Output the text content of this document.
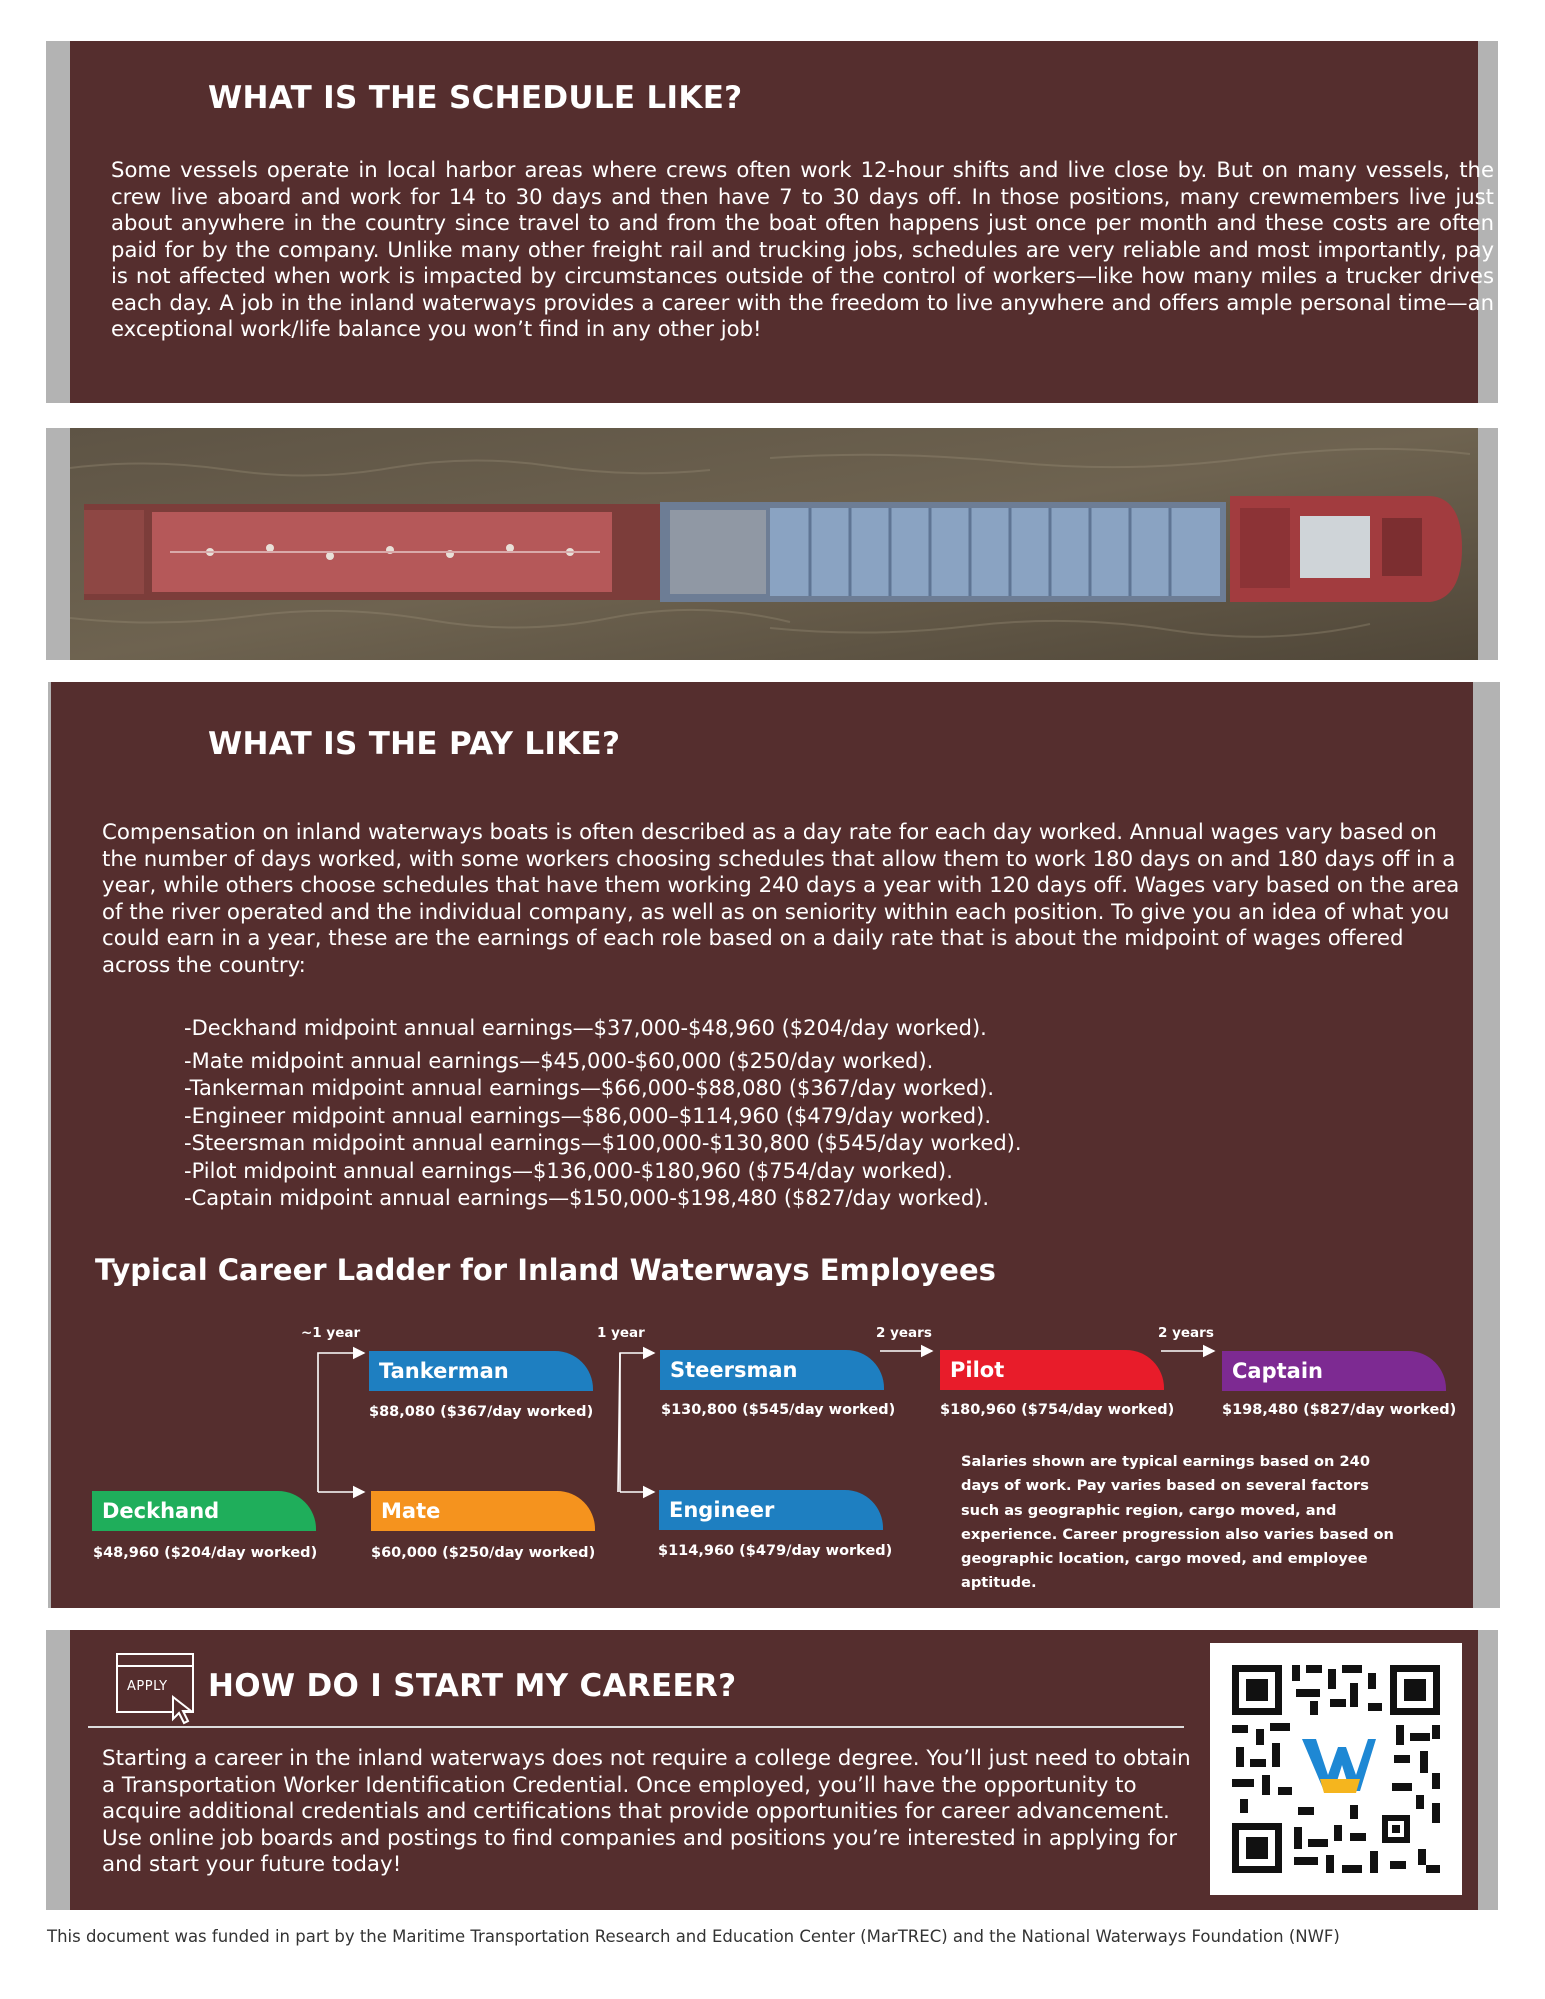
WHAT IS THE SCHEDULE LIKE?

Some vessels operate in local harbor areas where crews often work 12-hour shifts and live close by. But on many vessels, the crew live aboard and work for 14 to 30 days and then have 7 to 30 days off. In those positions, many crewmembers live just about anywhere in the country since travel to and from the boat often happens just once per month and these costs are often paid for by the company. Unlike many other freight rail and trucking jobs, schedules are very reliable and most importantly, pay is not affected when work is impacted by circumstances outside of the control of workers—like how many miles a trucker drives each day. A job in the inland waterways provides a career with the freedom to live anywhere and offers ample personal time—an exceptional work/life balance you won’t find in any other job!

WHAT IS THE PAY LIKE?

Compensation on inland waterways boats is often described as a day rate for each day worked. Annual wages vary based on the number of days worked, with some workers choosing schedules that allow them to work 180 days on and 180 days off in a year, while others choose schedules that have them working 240 days a year with 120 days off. Wages vary based on the area of the river operated and the individual company, as well as on seniority within each position. To give you an idea of what you could earn in a year, these are the earnings of each role based on a daily rate that is about the midpoint of wages offered across the country:

-Deckhand midpoint annual earnings—$37,000-$48,960 ($204/day worked).

-Mate midpoint annual earnings—$45,000-$60,000 ($250/day worked).

-Tankerman midpoint annual earnings—$66,000-$88,080 ($367/day worked).

-Engineer midpoint annual earnings—$86,000–$114,960 ($479/day worked).

-Steersman midpoint annual earnings—$100,000-$130,800 ($545/day worked).

-Pilot midpoint annual earnings—$136,000-$180,960 ($754/day worked).

-Captain midpoint annual earnings—$150,000-$198,480 ($827/day worked).

Typical Career Ladder for Inland Waterways Employees
~1 year	1 year	2 years	2 years
Deckhand
$48,960 ($204/day worked)
Mate
$60,000 ($250/day worked)
Tankerman
$88,080 ($367/day worked)
Engineer
$114,960 ($479/day worked)
Steersman
$130,800 ($545/day worked)
Pilot
$180,960 ($754/day worked)
Captain
$198,480 ($827/day worked)

Salaries shown are typical earnings based on 240 days of work. Pay varies based on several factors such as geographic region, cargo moved, and experience. Career progression also varies based on geographic location, cargo moved, and employee aptitude.

APPLY HOW DO I START MY CAREER?

Starting a career in the inland waterways does not require a college degree. You’ll just need to obtain a Transportation Worker Identification Credential. Once employed, you’ll have the opportunity to acquire additional credentials and certifications that provide opportunities for career advancement. Use online job boards and postings to find companies and positions you’re interested in applying for and start your future today!

This document was funded in part by the Maritime Transportation Research and Education Center (MarTREC) and the National Waterways Foundation (NWF)
